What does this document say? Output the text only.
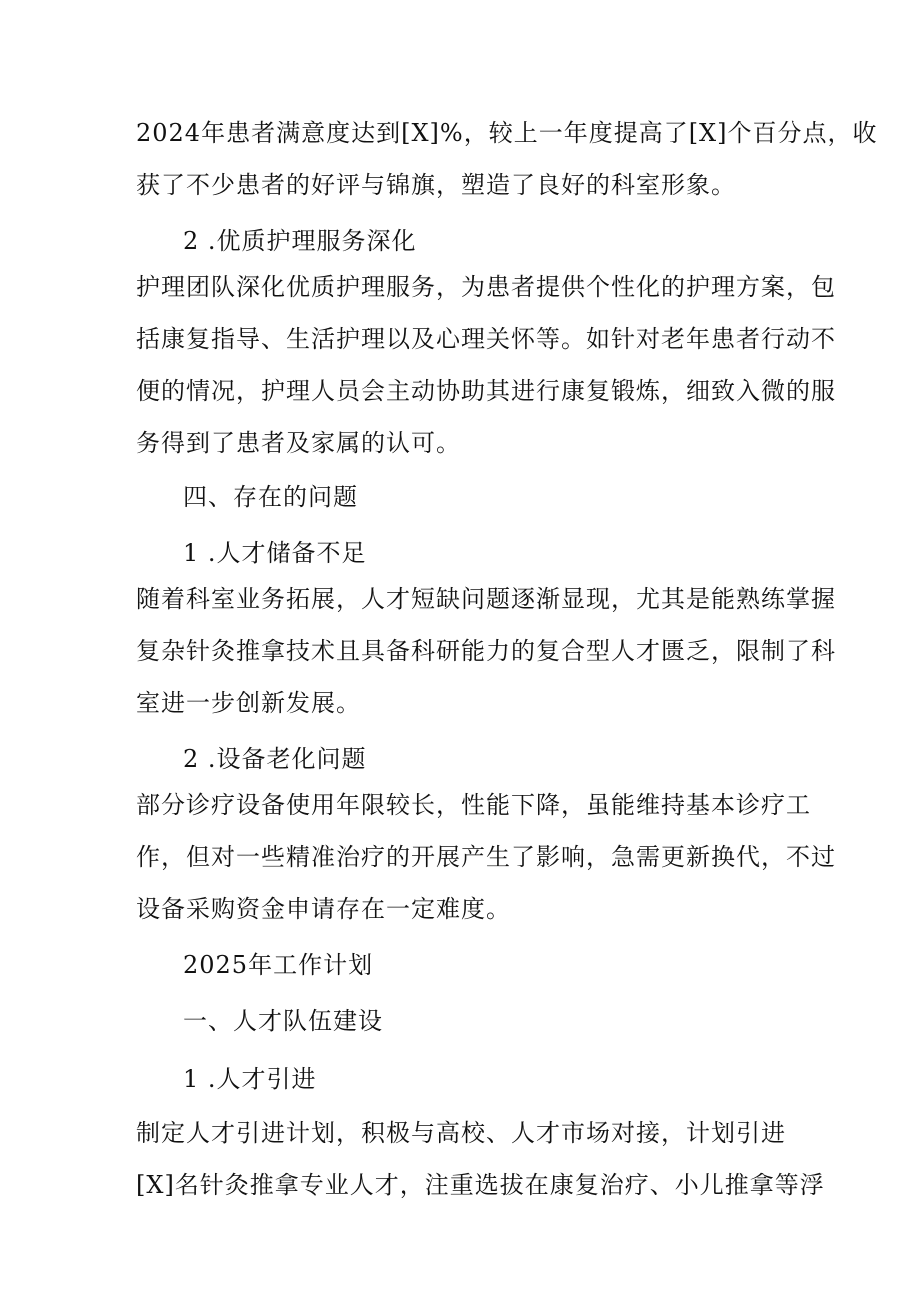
2024年患者满意度达到[X]%，较上一年度提高了[X]个百分点，收
获了不少患者的好评与锦旗，塑造了良好的科室形象。
2 .优质护理服务深化
护理团队深化优质护理服务，为患者提供个性化的护理方案，包
括康复指导、生活护理以及心理关怀等。如针对老年患者行动不
便的情况，护理人员会主动协助其进行康复锻炼，细致入微的服
务得到了患者及家属的认可。
四、存在的问题
1 .人才储备不足
随着科室业务拓展，人才短缺问题逐渐显现，尤其是能熟练掌握
复杂针灸推拿技术且具备科研能力的复合型人才匮乏，限制了科
室进一步创新发展。
2 .设备老化问题
部分诊疗设备使用年限较长，性能下降，虽能维持基本诊疗工
作，但对一些精准治疗的开展产生了影响，急需更新换代，不过
设备采购资金申请存在一定难度。
2025年工作计划
一、人才队伍建设
1 .人才引进
制定人才引进计划，积极与高校、人才市场对接，计划引进
[X]名针灸推拿专业人才，注重选拔在康复治疗、小儿推拿等浮
